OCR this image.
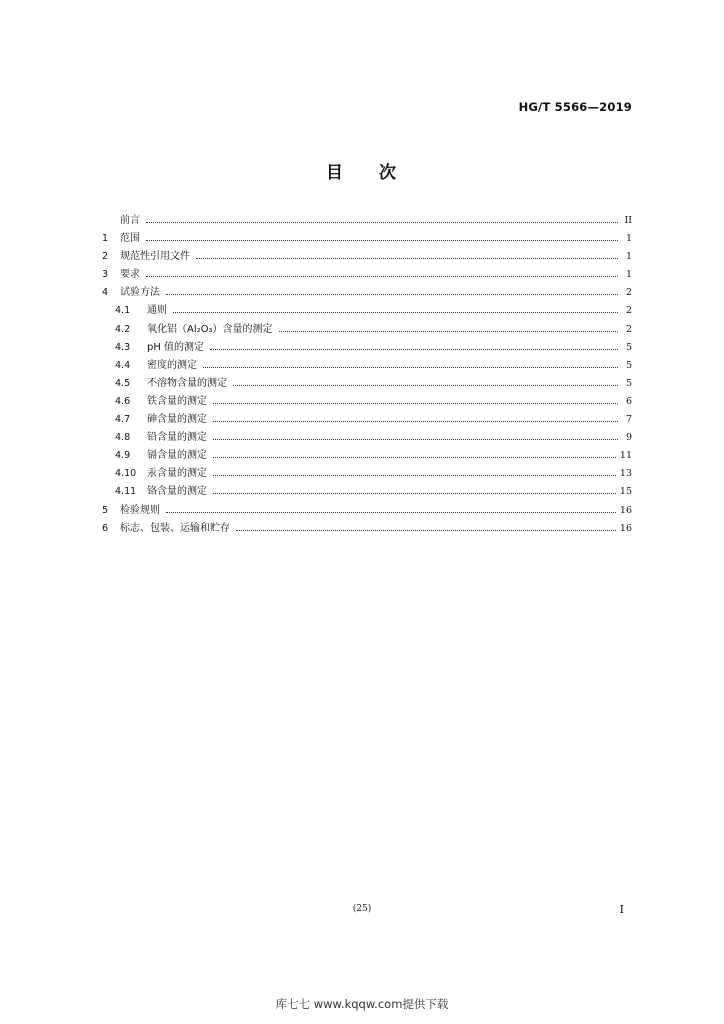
HG/T 5566—2019
目 次
前言	II
1	范围	1
2	规范性引用文件	1
3	要求	1
4	试验方法	2
4.1	通则	2
4.2	氧化铝（Al₂O₃）含量的测定	2
4.3	pH 值的测定	5
4.4	密度的测定	5
4.5	不溶物含量的测定	5
4.6	铁含量的测定	6
4.7	砷含量的测定	7
4.8	铅含量的测定	9
4.9	镉含量的测定	11
4.10	汞含量的测定	13
4.11	铬含量的测定	15
5	检验规则	16
6	标志、包装、运输和贮存	16
(25)	I
库七七 www.kqqw.com提供下载
